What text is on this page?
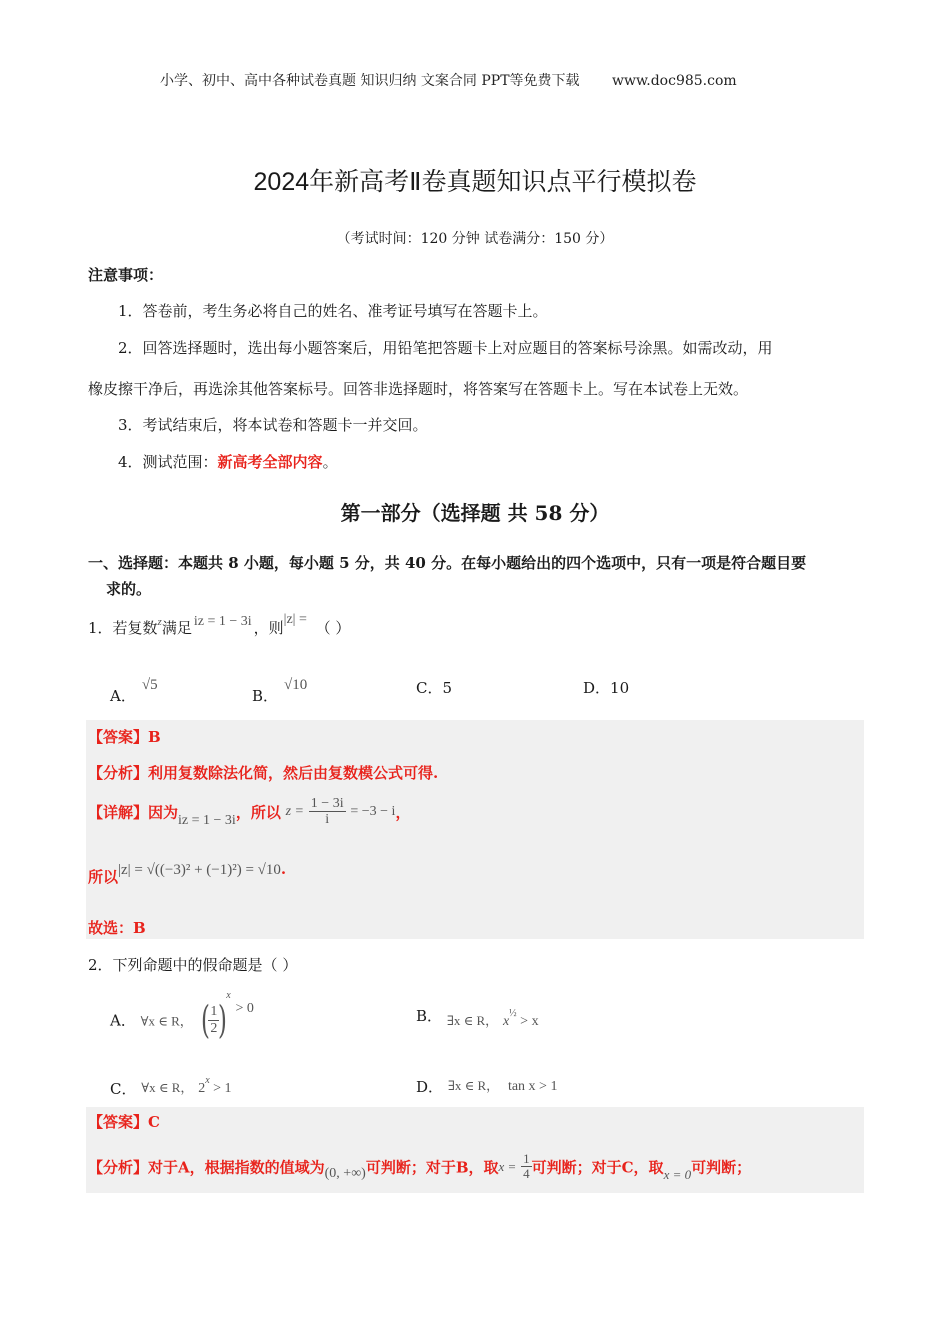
小学、初中、高中各种试卷真题 知识归纳 文案合同 PPT等免费下载 www.doc985.com
2024年新高考Ⅱ卷真题知识点平行模拟卷
（考试时间：120 分钟 试卷满分：150 分）
注意事项：
1．答卷前，考生务必将自己的姓名、准考证号填写在答题卡上。
2．回答选择题时，选出每小题答案后，用铅笔把答题卡上对应题目的答案标号涂黑。如需改动，用
橡皮擦干净后，再选涂其他答案标号。回答非选择题时，将答案写在答题卡上。写在本试卷上无效。
3．考试结束后，将本试卷和答题卡一并交回。
4．测试范围：新高考全部内容。
第一部分（选择题 共 58 分）
一、选择题：本题共 8 小题，每小题 5 分，共 40 分。在每小题给出的四个选项中，只有一项是符合题目要
求的。
1．若复数$^z$满足 iz = 1 − 3i ，则|z| = （ ）
A．√5
B．√10	C．5	D．10
【答案】B
【分析】利用复数除法化简，然后由复数模公式可得.
【详解】因为iz = 1 − 3i，所以 $z = \frac{1 - 3i}{i} = -3 - i$，
所以|z| = √((−3)² + (−1)²) = √10.
故选：B
2．下列命题中的假命题是（ ）
A． ∀x ∈ R， (
$\frac{1}{2}$
)$^x$ > 0	B． ∃x ∈ R， $x^{\frac{1}{2}} > x$
C． ∀x ∈ R， $2^x > 1$	D． ∃x ∈ R， tan x > 1
【答案】C
【分析】对于A，根据指数的值域为(0, +∞)可判断；对于B，取$x = \frac{1}{4}$ 可判断；对于C，取x = 0可判断；
